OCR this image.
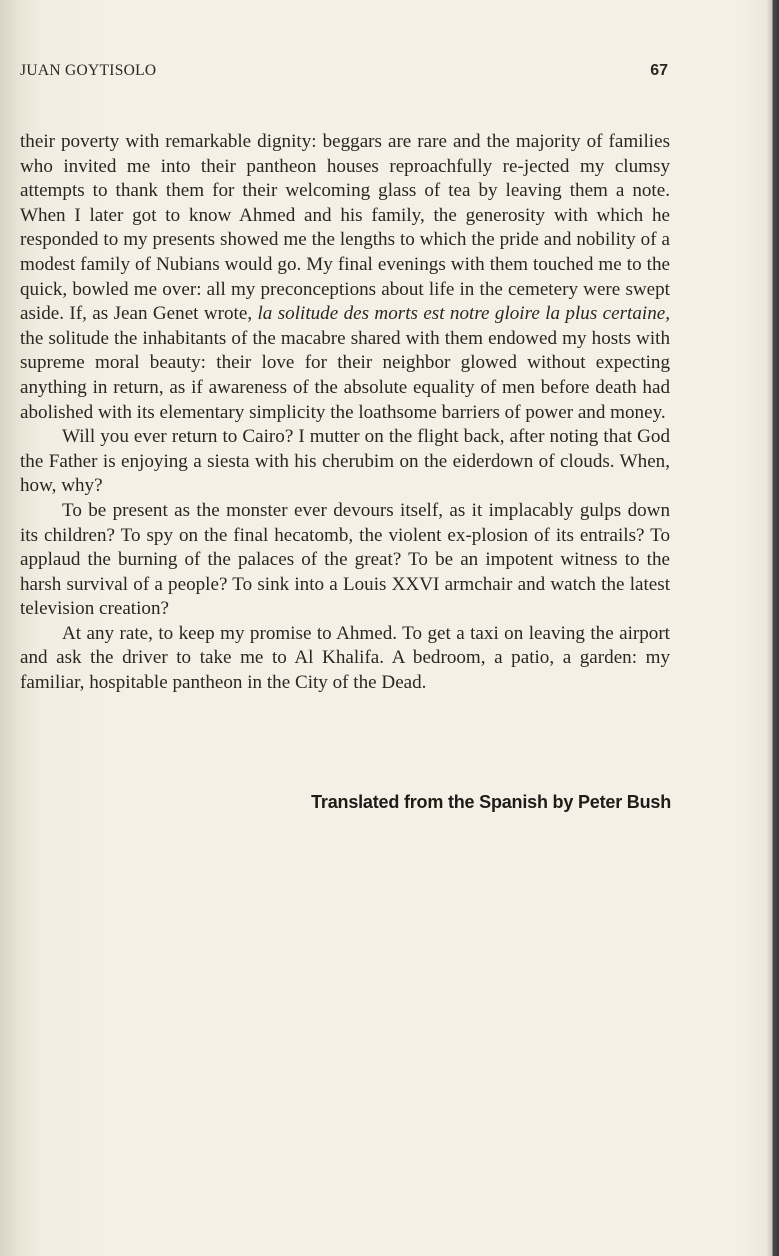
JUAN GOYTISOLO	67

their poverty with remarkable dignity: beggars are rare and the majority of families who invited me into their pantheon houses reproachfully re-jected my clumsy attempts to thank them for their welcoming glass of tea by leaving them a note. When I later got to know Ahmed and his family, the generosity with which he responded to my presents showed me the lengths to which the pride and nobility of a modest family of Nubians would go. My final evenings with them touched me to the quick, bowled me over: all my preconceptions about life in the cemetery were swept aside. If, as Jean Genet wrote, la solitude des morts est notre gloire la plus certaine, the solitude the inhabitants of the macabre shared with them endowed my hosts with supreme moral beauty: their love for their neighbor glowed without expecting anything in return, as if awareness of the absolute equality of men before death had abolished with its elementary simplicity the loathsome barriers of power and money.

Will you ever return to Cairo? I mutter on the flight back, after noting that God the Father is enjoying a siesta with his cherubim on the eiderdown of clouds. When, how, why?

To be present as the monster ever devours itself, as it implacably gulps down its children? To spy on the final hecatomb, the violent ex-plosion of its entrails? To applaud the burning of the palaces of the great? To be an impotent witness to the harsh survival of a people? To sink into a Louis XXVI armchair and watch the latest television creation?

At any rate, to keep my promise to Ahmed. To get a taxi on leaving the airport and ask the driver to take me to Al Khalifa. A bedroom, a patio, a garden: my familiar, hospitable pantheon in the City of the Dead.

Translated from the Spanish by Peter Bush
